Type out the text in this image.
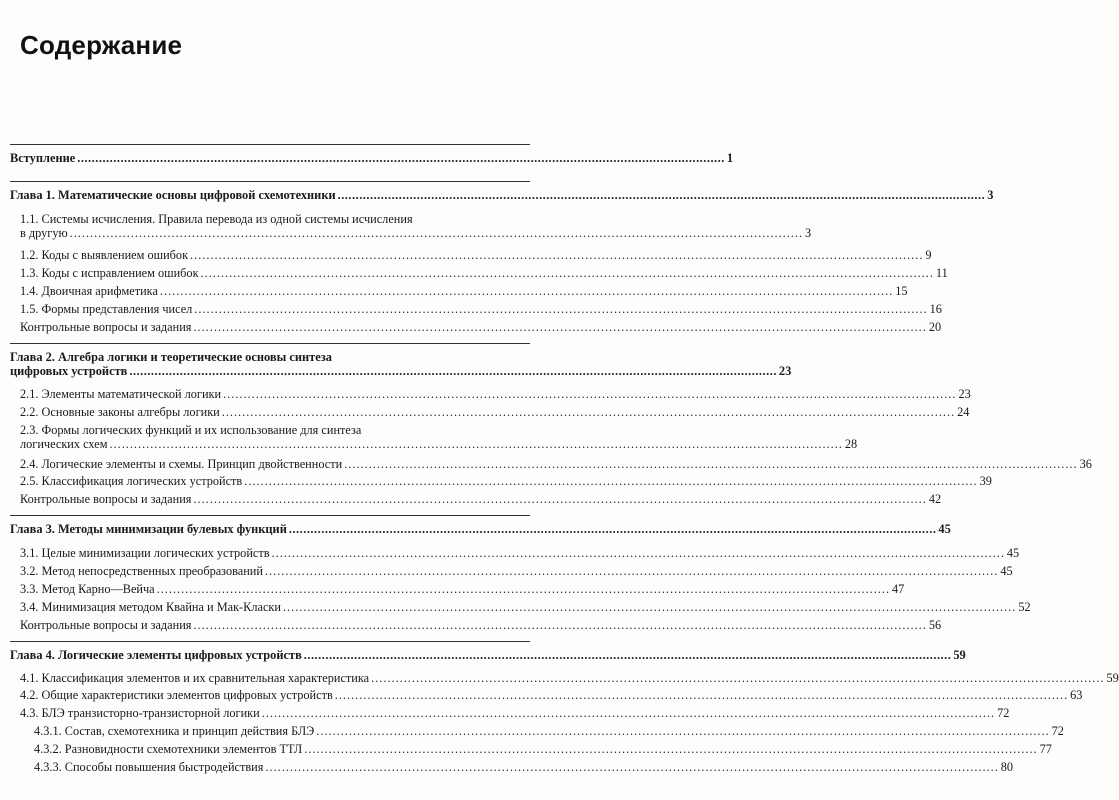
Содержание
Вступление .................................................................................................................................................................................... 1
Глава 1. Математические основы цифровой схемотехники .................................................................................................................................................................................... 3
1.1. Системы исчисления. Правила перевода из одной системы исчисления
в другую .................................................................................................................................................................................... 3
1.2. Коды с выявлением ошибок .................................................................................................................................................................................... 9
1.3. Коды с исправлением ошибок .................................................................................................................................................................................... 11
1.4. Двоичная арифметика .................................................................................................................................................................................... 15
1.5. Формы представления чисел .................................................................................................................................................................................... 16
Контрольные вопросы и задания .................................................................................................................................................................................... 20
Глава 2. Алгебра логики и теоретические основы синтеза
цифровых устройств .................................................................................................................................................................................... 23
2.1. Элементы математической логики .................................................................................................................................................................................... 23
2.2. Основные законы алгебры логики .................................................................................................................................................................................... 24
2.3. Формы логических функций и их использование для синтеза
логических схем .................................................................................................................................................................................... 28
2.4. Логические элементы и схемы. Принцип двойственности .................................................................................................................................................................................... 36
2.5. Классификация логических устройств .................................................................................................................................................................................... 39
Контрольные вопросы и задания .................................................................................................................................................................................... 42
Глава 3. Методы минимизации булевых функций .................................................................................................................................................................................... 45
3.1. Целые минимизации логических устройств .................................................................................................................................................................................... 45
3.2. Метод непосредственных преобразований .................................................................................................................................................................................... 45
3.3. Метод Карно—Вейча .................................................................................................................................................................................... 47
3.4. Минимизация методом Квайна и Мак-Класки .................................................................................................................................................................................... 52
Контрольные вопросы и задания .................................................................................................................................................................................... 56
Глава 4. Логические элементы цифровых устройств .................................................................................................................................................................................... 59
4.1. Классификация элементов и их сравнительная характеристика .................................................................................................................................................................................... 59
4.2. Общие характеристики элементов цифровых устройств .................................................................................................................................................................................... 63
4.3. БЛЭ транзисторно-транзисторной логики .................................................................................................................................................................................... 72
4.3.1. Состав, схемотехника и принцип действия БЛЭ .................................................................................................................................................................................... 72
4.3.2. Разновидности схемотехники элементов ТТЛ .................................................................................................................................................................................... 77
4.3.3. Способы повышения быстродействия .................................................................................................................................................................................... 80
